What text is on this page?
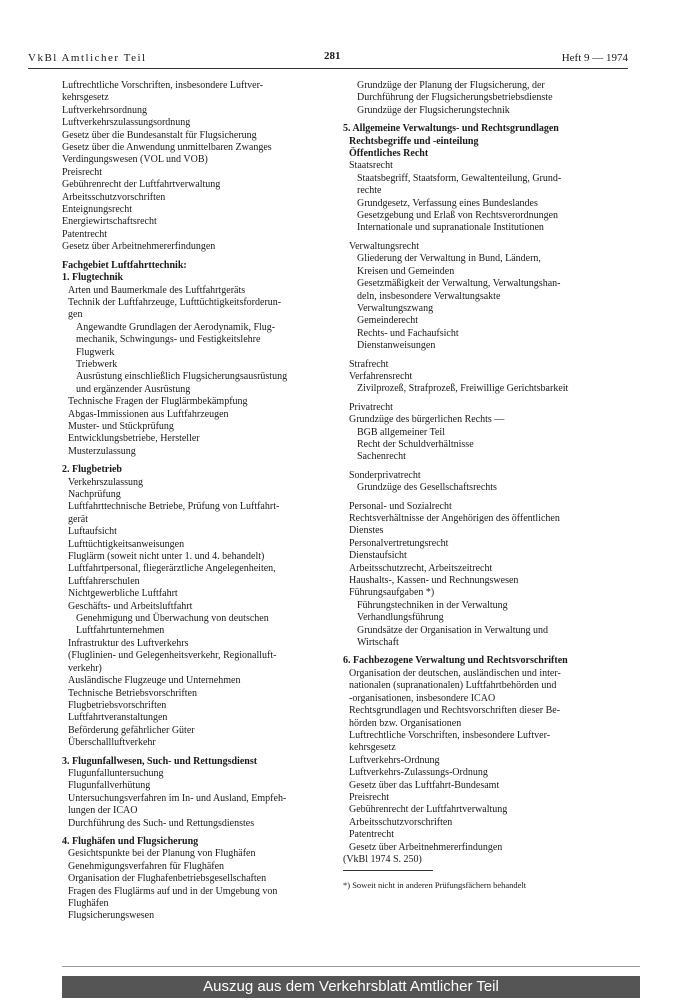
VkBl Amtlicher Teil	281	Heft 9 — 1974

Luftrechtliche Vorschriften, insbesondere Luftver-

kehrsgesetz

Luftverkehrsordnung

Luftverkehrszulassungsordnung

Gesetz über die Bundesanstalt für Flugsicherung

Gesetz über die Anwendung unmittelbaren Zwanges

Verdingungswesen (VOL und VOB)

Preisrecht

Gebührenrecht der Luftfahrtverwaltung

Arbeitsschutzvorschriften

Enteignungsrecht

Energiewirtschaftsrecht

Patentrecht

Gesetz über Arbeitnehmererfindungen

Fachgebiet Luftfahrttechnik:

1. Flugtechnik

Arten und Baumerkmale des Luftfahrtgeräts

Technik der Luftfahrzeuge, Lufttüchtigkeitsforderun-

gen

Angewandte Grundlagen der Aerodynamik, Flug-

mechanik, Schwingungs- und Festigkeitslehre

Flugwerk

Triebwerk

Ausrüstung einschließlich Flugsicherungsausrüstung

und ergänzender Ausrüstung

Technische Fragen der Fluglärmbekämpfung

Abgas-Immissionen aus Luftfahrzeugen

Muster- und Stückprüfung

Entwicklungsbetriebe, Hersteller

Musterzulassung

2. Flugbetrieb

Verkehrszulassung

Nachprüfung

Luftfahrttechnische Betriebe, Prüfung von Luftfahrt-

gerät

Luftaufsicht

Lufttüchtigkeitsanweisungen

Fluglärm (soweit nicht unter 1. und 4. behandelt)

Luftfahrtpersonal, fliegerärztliche Angelegenheiten,

Luftfahrerschulen

Nichtgewerbliche Luftfahrt

Geschäfts- und Arbeitsluftfahrt

Genehmigung und Überwachung von deutschen

Luftfahrtunternehmen

Infrastruktur des Luftverkehrs

(Fluglinien- und Gelegenheitsverkehr, Regionalluft-

verkehr)

Ausländische Flugzeuge und Unternehmen

Technische Betriebsvorschriften

Flugbetriebsvorschriften

Luftfahrtveranstaltungen

Beförderung gefährlicher Güter

Überschallluftverkehr

3. Flugunfallwesen, Such- und Rettungsdienst

Flugunfalluntersuchung

Flugunfallverhütung

Untersuchungsverfahren im In- und Ausland, Empfeh-

lungen der ICAO

Durchführung des Such- und Rettungsdienstes

4. Flughäfen und Flugsicherung

Gesichtspunkte bei der Planung von Flughäfen

Genehmigungsverfahren für Flughäfen

Organisation der Flughafenbetriebsgesellschaften

Fragen des Fluglärms auf und in der Umgebung von

Flughäfen

Flugsicherungswesen

Grundzüge der Planung der Flugsicherung, der

Durchführung der Flugsicherungsbetriebsdienste

Grundzüge der Flugsicherungstechnik

5. Allgemeine Verwaltungs- und Rechtsgrundlagen

Rechtsbegriffe und -einteilung

Öffentliches Recht

Staatsrecht

Staatsbegriff, Staatsform, Gewaltenteilung, Grund-

rechte

Grundgesetz, Verfassung eines Bundeslandes

Gesetzgebung und Erlaß von Rechtsverordnungen

Internationale und supranationale Institutionen

Verwaltungsrecht

Gliederung der Verwaltung in Bund, Ländern,

Kreisen und Gemeinden

Gesetzmäßigkeit der Verwaltung, Verwaltungshan-

deln, insbesondere Verwaltungsakte

Verwaltungszwang

Gemeinderecht

Rechts- und Fachaufsicht

Dienstanweisungen

Strafrecht

Verfahrensrecht

Zivilprozeß, Strafprozeß, Freiwillige Gerichtsbarkeit

Privatrecht

Grundzüge des bürgerlichen Rechts —

BGB allgemeiner Teil

Recht der Schuldverhältnisse

Sachenrecht

Sonderprivatrecht

Grundzüge des Gesellschaftsrechts

Personal- und Sozialrecht

Rechtsverhältnisse der Angehörigen des öffentlichen

Dienstes

Personalvertretungsrecht

Dienstaufsicht

Arbeitsschutzrecht, Arbeitszeitrecht

Haushalts-, Kassen- und Rechnungswesen

Führungsaufgaben *)

Führungstechniken in der Verwaltung

Verhandlungsführung

Grundsätze der Organisation in Verwaltung und

Wirtschaft

6. Fachbezogene Verwaltung und Rechtsvorschriften

Organisation der deutschen, ausländischen und inter-

nationalen (supranationalen) Luftfahrtbehörden und

-organisationen, insbesondere ICAO

Rechtsgrundlagen und Rechtsvorschriften dieser Be-

hörden bzw. Organisationen

Luftrechtliche Vorschriften, insbesondere Luftver-

kehrsgesetz

Luftverkehrs-Ordnung

Luftverkehrs-Zulassungs-Ordnung

Gesetz über das Luftfahrt-Bundesamt

Preisrecht

Gebührenrecht der Luftfahrtverwaltung

Arbeitsschutzvorschriften

Patentrecht

Gesetz über Arbeitnehmererfindungen

(VkBl 1974 S. 250)

*) Soweit nicht in anderen Prüfungsfächern behandelt

Auszug aus dem Verkehrsblatt Amtlicher Teil
